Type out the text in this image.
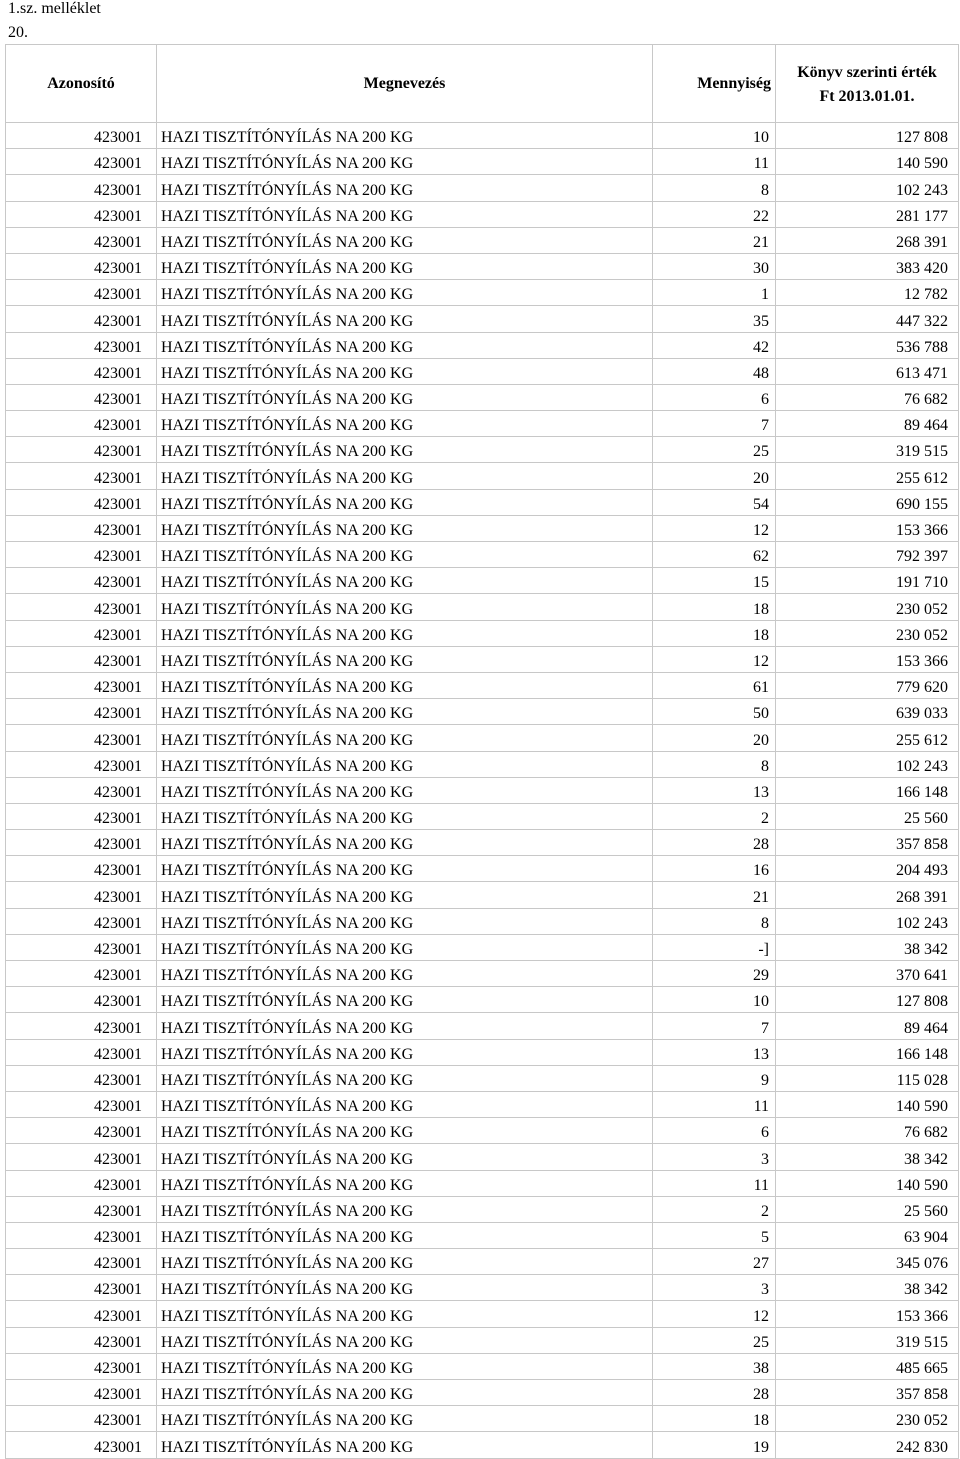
1.sz. melléklet
20.
Azonosító	Megnevezés	Mennyiség	Könyv szerinti érték
Ft 2013.01.01.
423001	HAZI TISZTÍTÓNYÍLÁS NA 200 KG	10	127 808
423001	HAZI TISZTÍTÓNYÍLÁS NA 200 KG	11	140 590
423001	HAZI TISZTÍTÓNYÍLÁS NA 200 KG	8	102 243
423001	HAZI TISZTÍTÓNYÍLÁS NA 200 KG	22	281 177
423001	HAZI TISZTÍTÓNYÍLÁS NA 200 KG	21	268 391
423001	HAZI TISZTÍTÓNYÍLÁS NA 200 KG	30	383 420
423001	HAZI TISZTÍTÓNYÍLÁS NA 200 KG	1	12 782
423001	HAZI TISZTÍTÓNYÍLÁS NA 200 KG	35	447 322
423001	HAZI TISZTÍTÓNYÍLÁS NA 200 KG	42	536 788
423001	HAZI TISZTÍTÓNYÍLÁS NA 200 KG	48	613 471
423001	HAZI TISZTÍTÓNYÍLÁS NA 200 KG	6	76 682
423001	HAZI TISZTÍTÓNYÍLÁS NA 200 KG	7	89 464
423001	HAZI TISZTÍTÓNYÍLÁS NA 200 KG	25	319 515
423001	HAZI TISZTÍTÓNYÍLÁS NA 200 KG	20	255 612
423001	HAZI TISZTÍTÓNYÍLÁS NA 200 KG	54	690 155
423001	HAZI TISZTÍTÓNYÍLÁS NA 200 KG	12	153 366
423001	HAZI TISZTÍTÓNYÍLÁS NA 200 KG	62	792 397
423001	HAZI TISZTÍTÓNYÍLÁS NA 200 KG	15	191 710
423001	HAZI TISZTÍTÓNYÍLÁS NA 200 KG	18	230 052
423001	HAZI TISZTÍTÓNYÍLÁS NA 200 KG	18	230 052
423001	HAZI TISZTÍTÓNYÍLÁS NA 200 KG	12	153 366
423001	HAZI TISZTÍTÓNYÍLÁS NA 200 KG	61	779 620
423001	HAZI TISZTÍTÓNYÍLÁS NA 200 KG	50	639 033
423001	HAZI TISZTÍTÓNYÍLÁS NA 200 KG	20	255 612
423001	HAZI TISZTÍTÓNYÍLÁS NA 200 KG	8	102 243
423001	HAZI TISZTÍTÓNYÍLÁS NA 200 KG	13	166 148
423001	HAZI TISZTÍTÓNYÍLÁS NA 200 KG	2	25 560
423001	HAZI TISZTÍTÓNYÍLÁS NA 200 KG	28	357 858
423001	HAZI TISZTÍTÓNYÍLÁS NA 200 KG	16	204 493
423001	HAZI TISZTÍTÓNYÍLÁS NA 200 KG	21	268 391
423001	HAZI TISZTÍTÓNYÍLÁS NA 200 KG	8	102 243
423001	HAZI TISZTÍTÓNYÍLÁS NA 200 KG	-]	38 342
423001	HAZI TISZTÍTÓNYÍLÁS NA 200 KG	29	370 641
423001	HAZI TISZTÍTÓNYÍLÁS NA 200 KG	10	127 808
423001	HAZI TISZTÍTÓNYÍLÁS NA 200 KG	7	89 464
423001	HAZI TISZTÍTÓNYÍLÁS NA 200 KG	13	166 148
423001	HAZI TISZTÍTÓNYÍLÁS NA 200 KG	9	115 028
423001	HAZI TISZTÍTÓNYÍLÁS NA 200 KG	11	140 590
423001	HAZI TISZTÍTÓNYÍLÁS NA 200 KG	6	76 682
423001	HAZI TISZTÍTÓNYÍLÁS NA 200 KG	3	38 342
423001	HAZI TISZTÍTÓNYÍLÁS NA 200 KG	11	140 590
423001	HAZI TISZTÍTÓNYÍLÁS NA 200 KG	2	25 560
423001	HAZI TISZTÍTÓNYÍLÁS NA 200 KG	5	63 904
423001	HAZI TISZTÍTÓNYÍLÁS NA 200 KG	27	345 076
423001	HAZI TISZTÍTÓNYÍLÁS NA 200 KG	3	38 342
423001	HAZI TISZTÍTÓNYÍLÁS NA 200 KG	12	153 366
423001	HAZI TISZTÍTÓNYÍLÁS NA 200 KG	25	319 515
423001	HAZI TISZTÍTÓNYÍLÁS NA 200 KG	38	485 665
423001	HAZI TISZTÍTÓNYÍLÁS NA 200 KG	28	357 858
423001	HAZI TISZTÍTÓNYÍLÁS NA 200 KG	18	230 052
423001	HAZI TISZTÍTÓNYÍLÁS NA 200 KG	19	242 830
